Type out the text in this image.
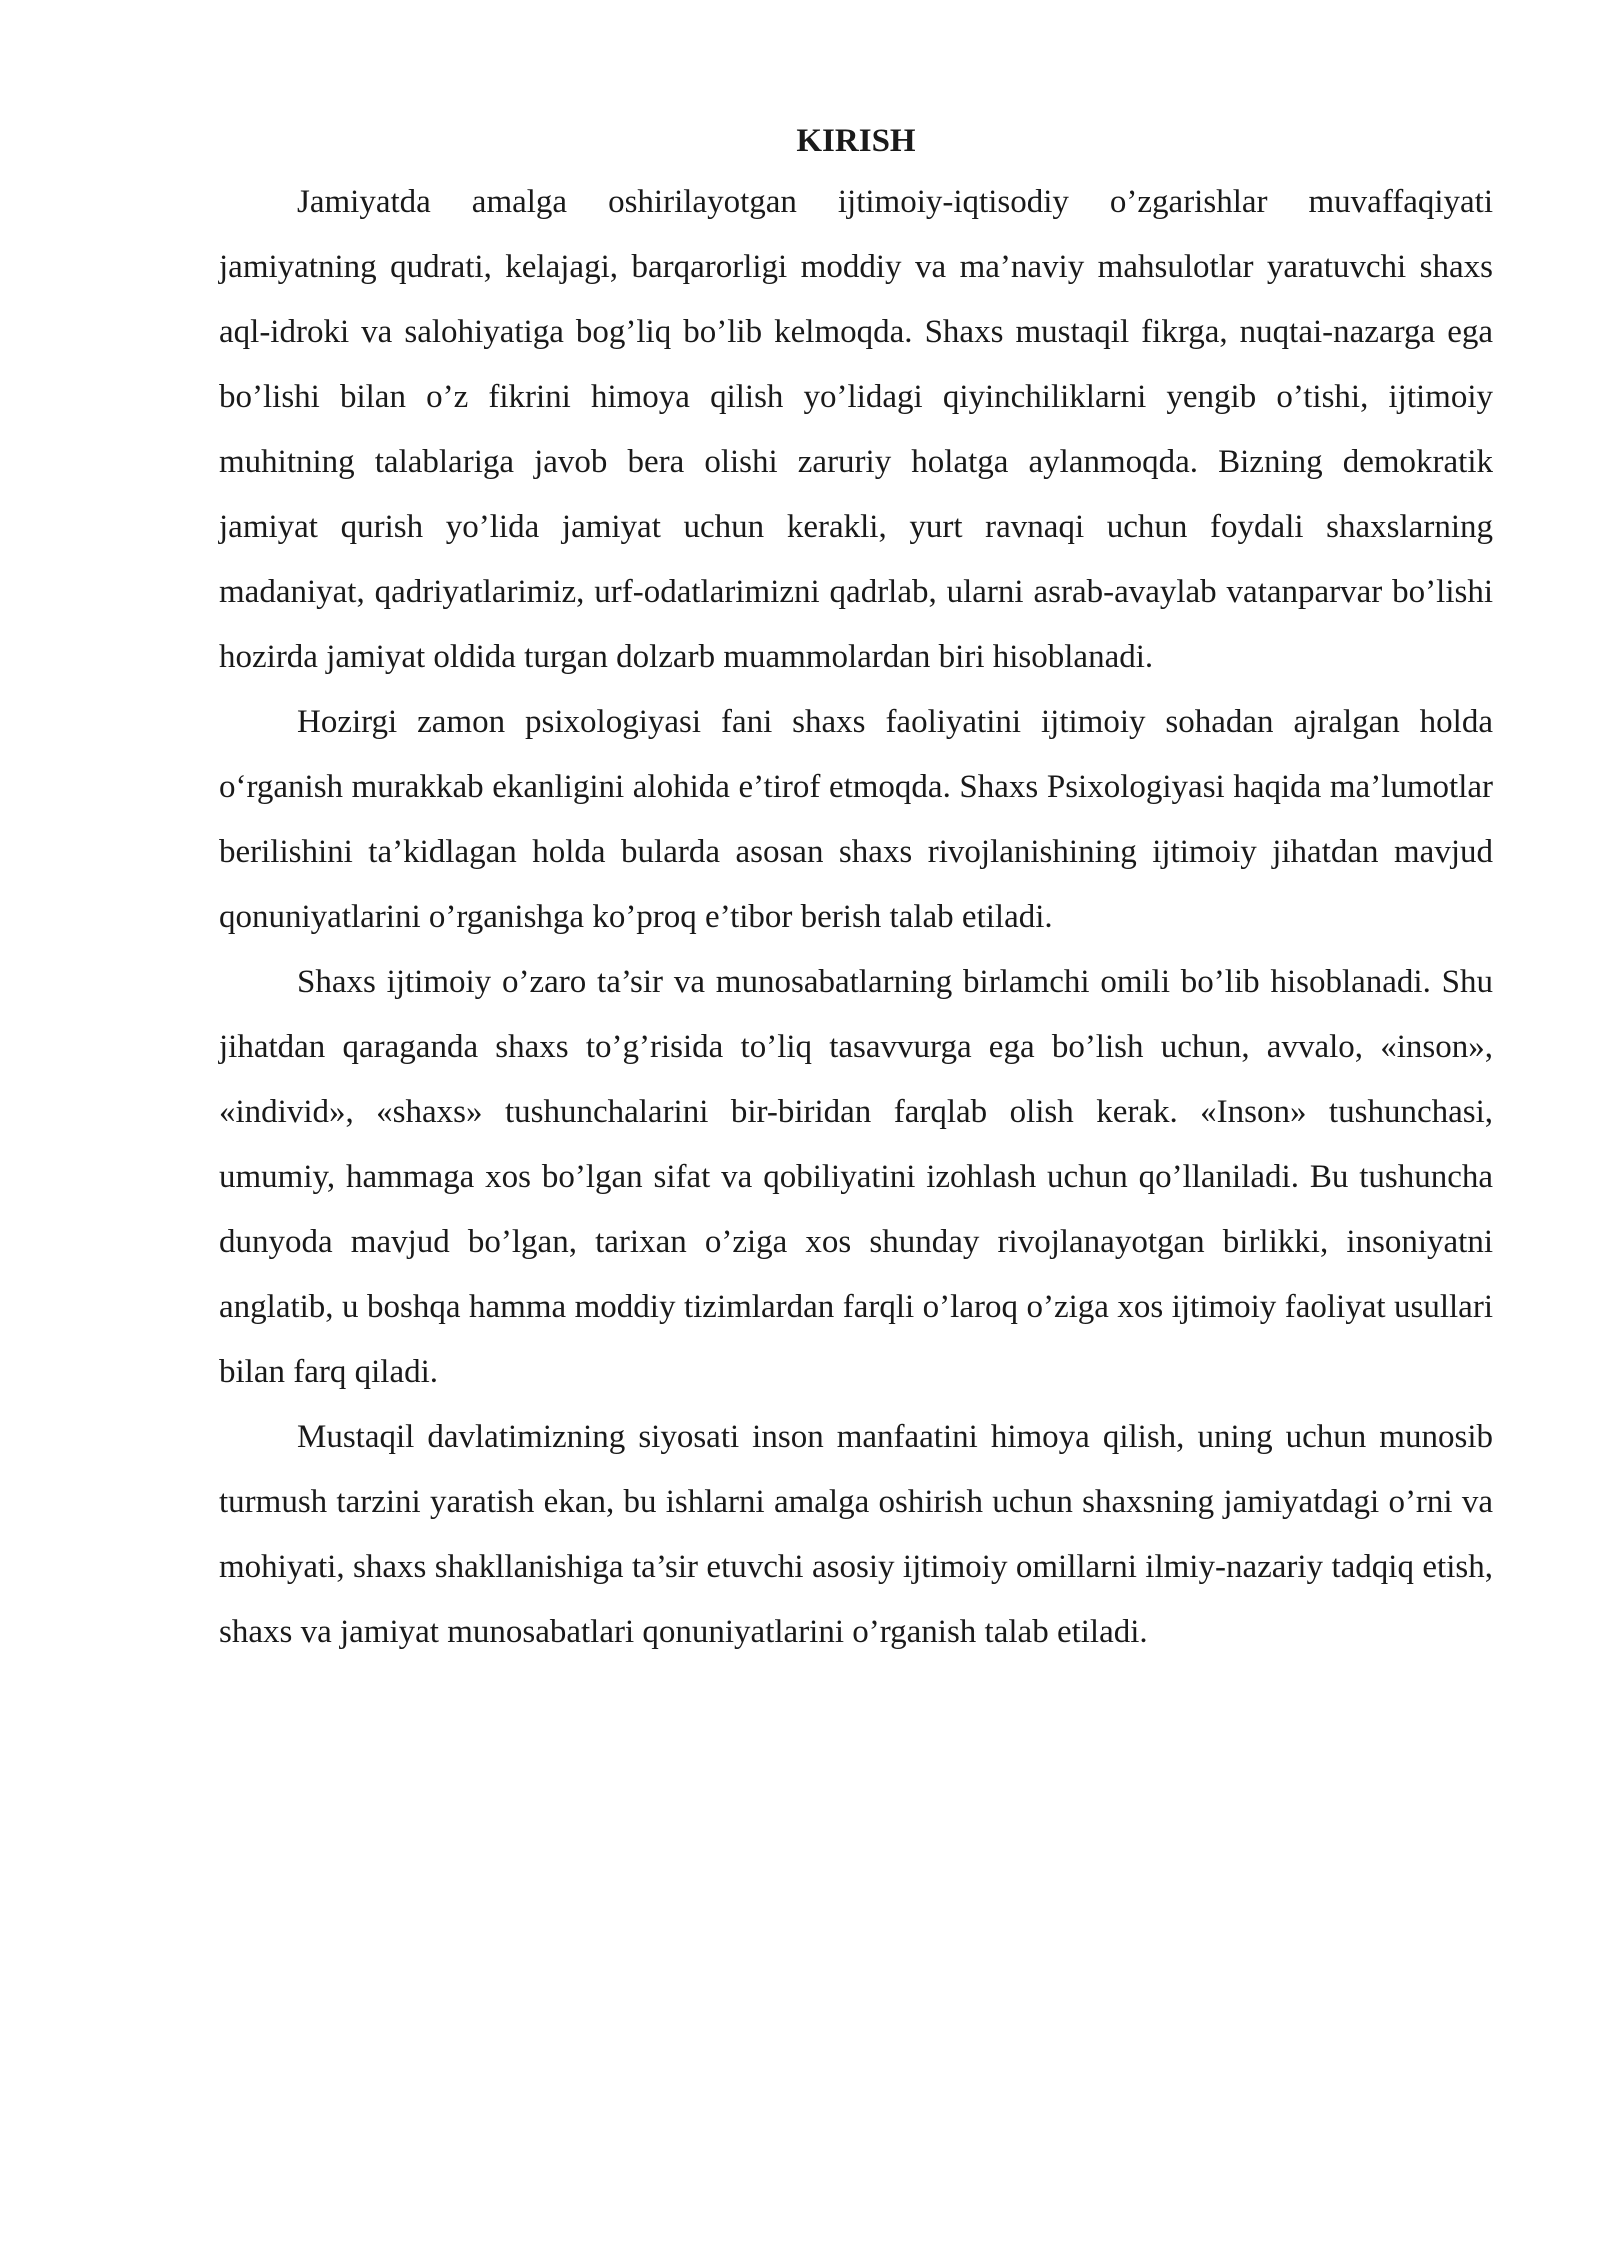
KIRISH

Jamiyatda amalga oshirilayotgan ijtimoiy-iqtisodiy o’zgarishlar muvaffaqiyati jamiyatning qudrati, kelajagi, barqarorligi moddiy va ma’naviy mahsulotlar yaratuvchi shaxs aql-idroki va salohiyatiga bog’liq bo’lib kelmoqda. Shaxs mustaqil fikrga, nuqtai-nazarga ega bo’lishi bilan o’z fikrini himoya qilish yo’lidagi qiyinchiliklarni yengib o’tishi, ijtimoiy muhitning talablariga javob bera olishi zaruriy holatga aylanmoqda. Bizning demokratik jamiyat qurish yo’lida jamiyat uchun kerakli, yurt ravnaqi uchun foydali shaxslarning madaniyat, qadriyatlarimiz, urf-odatlarimizni qadrlab, ularni asrab-avaylab vatanparvar bo’lishi hozirda jamiyat oldida turgan dolzarb muammolardan biri hisoblanadi.

Hozirgi zamon psixologiyasi fani shaxs faoliyatini ijtimoiy sohadan ajralgan holda o‘rganish murakkab ekanligini alohida e’tirof etmoqda. Shaxs Psixologiyasi haqida ma’lumotlar berilishini ta’kidlagan holda bularda asosan shaxs rivojlanishining ijtimoiy jihatdan mavjud qonuniyatlarini o’rganishga ko’proq e’tibor berish talab etiladi.

Shaxs ijtimoiy o’zaro ta’sir va munosabatlarning birlamchi omili bo’lib hisoblanadi. Shu jihatdan qaraganda shaxs to’g’risida to’liq tasavvurga ega bo’lish uchun, avvalo, «inson», «individ», «shaxs» tushunchalarini bir-biridan farqlab olish kerak. «Inson» tushunchasi, umumiy, hammaga xos bo’lgan sifat va qobiliyatini izohlash uchun qo’llaniladi. Bu tushuncha dunyoda mavjud bo’lgan, tarixan o’ziga xos shunday rivojlanayotgan birlikki, insoniyatni anglatib, u boshqa hamma moddiy tizimlardan farqli o’laroq o’ziga xos ijtimoiy faoliyat usullari bilan farq qiladi.

Mustaqil davlatimizning siyosati inson manfaatini himoya qilish, uning uchun munosib turmush tarzini yaratish ekan, bu ishlarni amalga oshirish uchun shaxsning jamiyatdagi o’rni va mohiyati, shaxs shakllanishiga ta’sir etuvchi asosiy ijtimoiy omillarni ilmiy-nazariy tadqiq etish, shaxs va jamiyat munosabatlari qonuniyatlarini o’rganish talab etiladi.
